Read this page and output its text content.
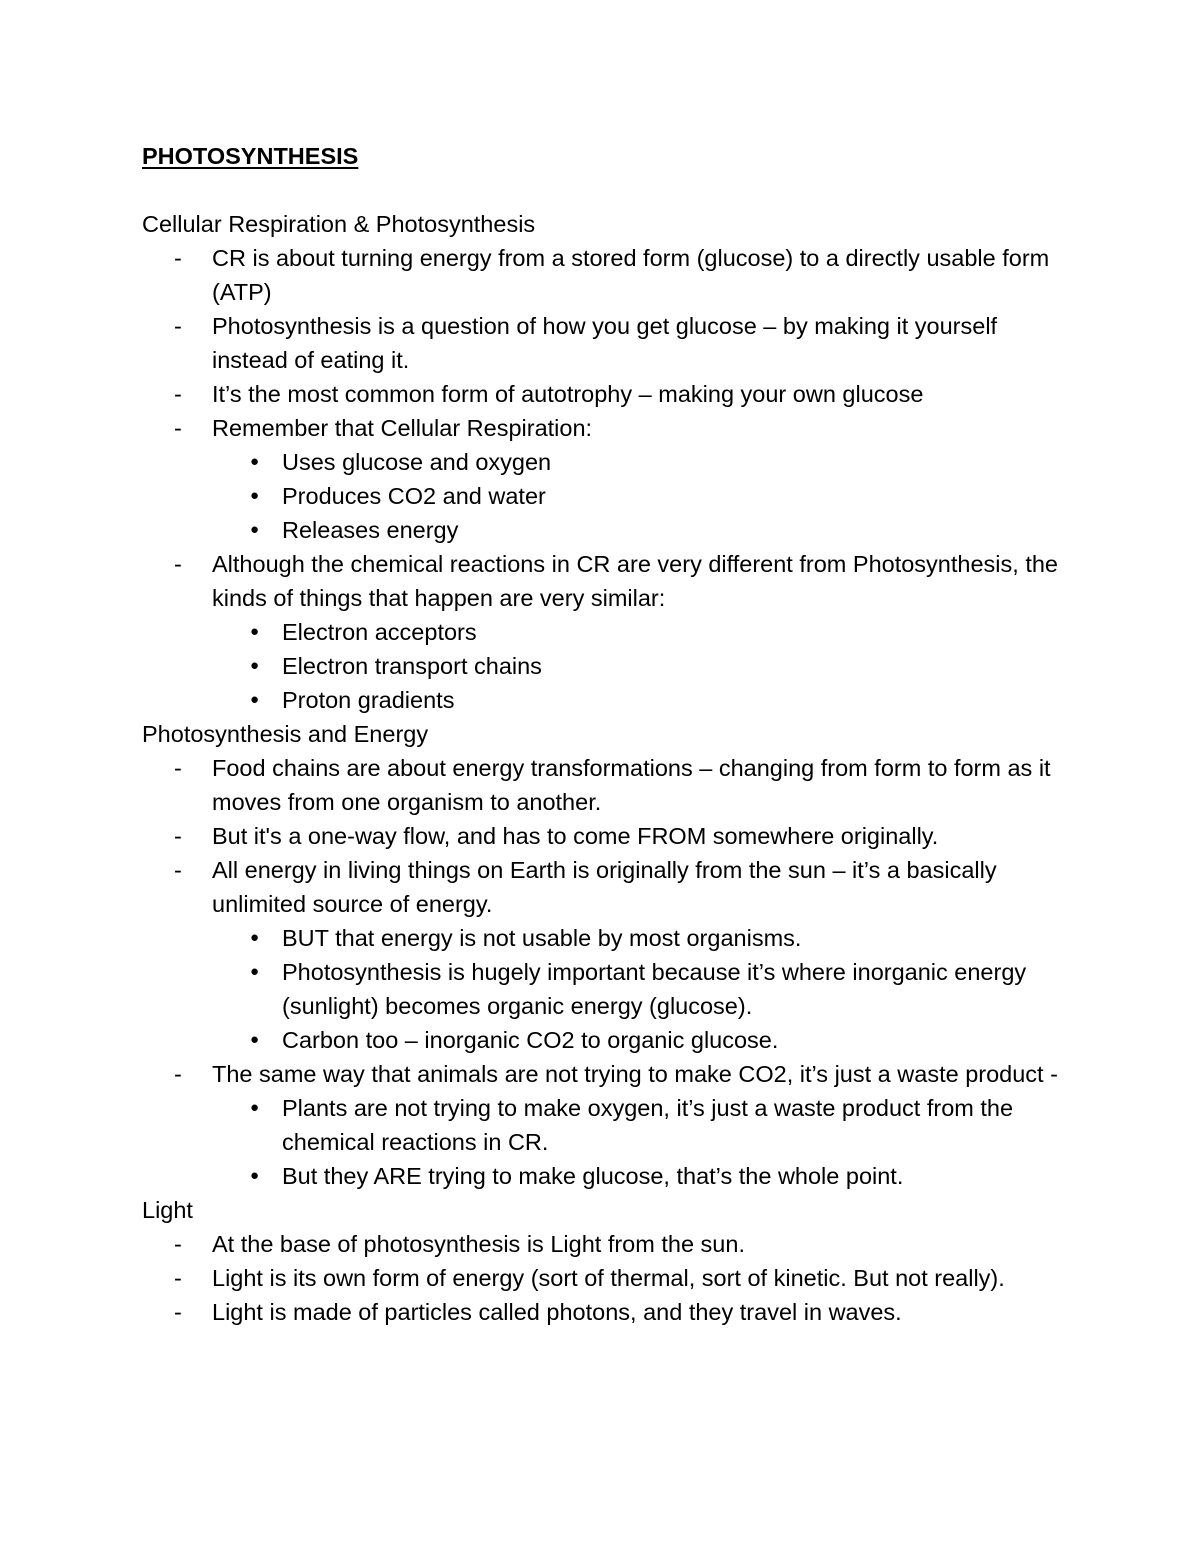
PHOTOSYNTHESIS
Cellular Respiration & Photosynthesis
- CR is about turning energy from a stored form (glucose) to a directly usable form (ATP)
- Photosynthesis is a question of how you get glucose – by making it yourself instead of eating it.
- It’s the most common form of autotrophy – making your own glucose
- Remember that Cellular Respiration:
● Uses glucose and oxygen
● Produces CO2 and water
● Releases energy
- Although the chemical reactions in CR are very different from Photosynthesis, the kinds of things that happen are very similar:
● Electron acceptors
● Electron transport chains
● Proton gradients
Photosynthesis and Energy
- Food chains are about energy transformations – changing from form to form as it moves from one organism to another.
- But it's a one-way flow, and has to come FROM somewhere originally.
- All energy in living things on Earth is originally from the sun – it’s a basically unlimited source of energy.
● BUT that energy is not usable by most organisms.
● Photosynthesis is hugely important because it’s where inorganic energy (sunlight) becomes organic energy (glucose).
● Carbon too – inorganic CO2 to organic glucose.
- The same way that animals are not trying to make CO2, it’s just a waste product -
● Plants are not trying to make oxygen, it’s just a waste product from the chemical reactions in CR.
● But they ARE trying to make glucose, that’s the whole point.
Light
- At the base of photosynthesis is Light from the sun.
- Light is its own form of energy (sort of thermal, sort of kinetic. But not really).
- Light is made of particles called photons, and they travel in waves.
